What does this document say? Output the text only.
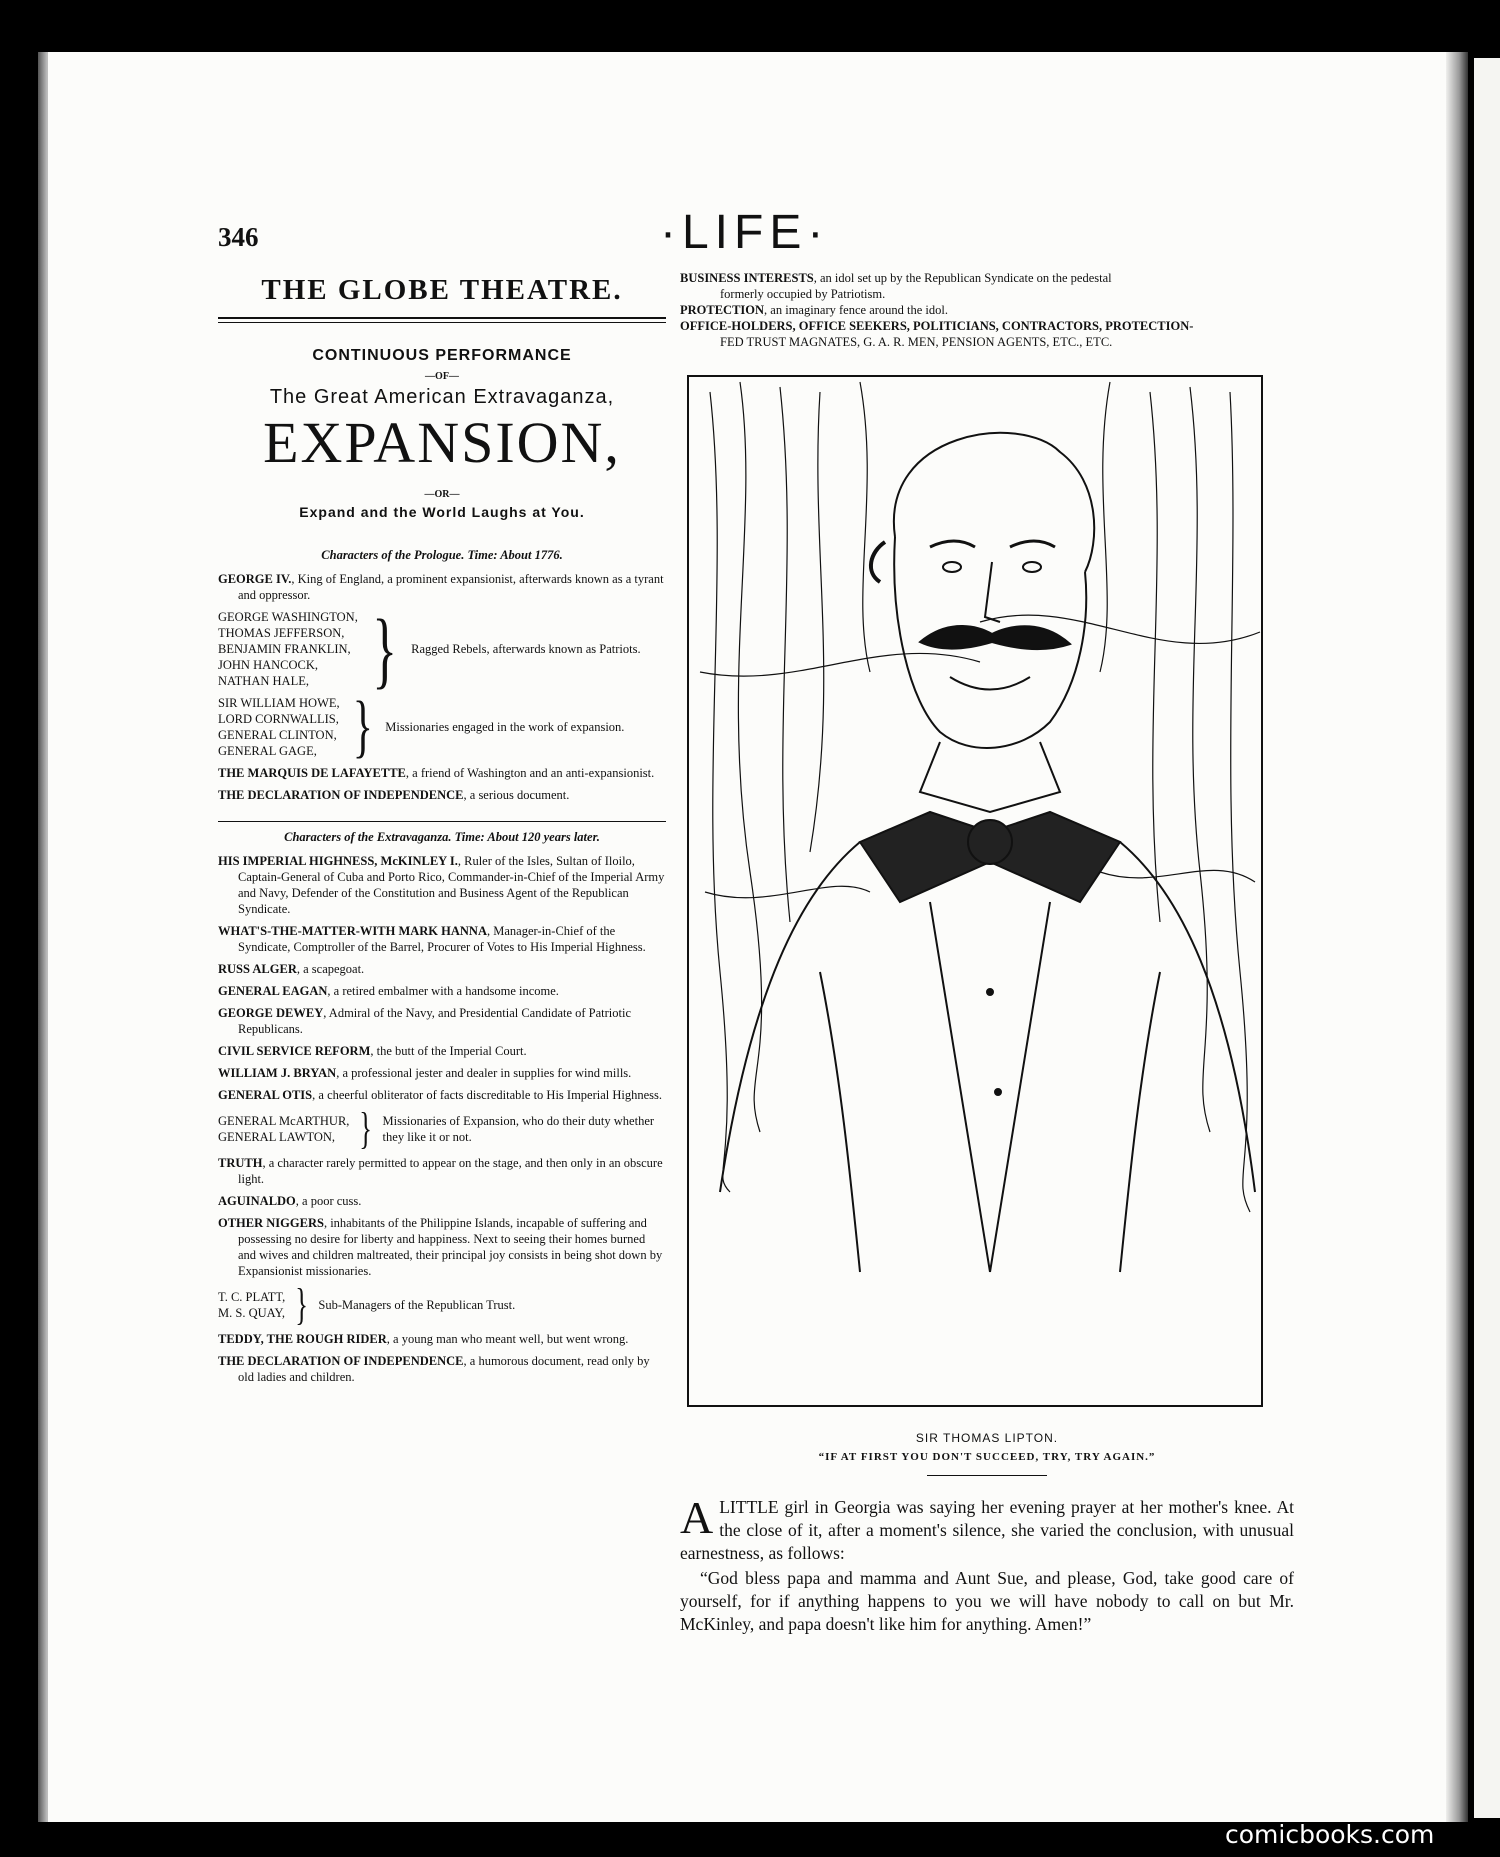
346	·LIFE·
THE GLOBE THEATRE.
CONTINUOUS PERFORMANCE
—OF—
The Great American Extravaganza,
EXPANSION,
—OR—
Expand and the World Laughs at You.
Characters of the Prologue. Time: About 1776.
GEORGE IV., King of England, a prominent expansionist, afterwards known as a tyrant and oppressor.
GEORGE WASHINGTON,
THOMAS JEFFERSON,
BENJAMIN FRANKLIN,
JOHN HANCOCK,
NATHAN HALE, } Ragged Rebels, afterwards known as Patriots.
SIR WILLIAM HOWE,
LORD CORNWALLIS,
GENERAL CLINTON,
GENERAL GAGE, } Missionaries engaged in the work of expansion.
THE MARQUIS DE LAFAYETTE, a friend of Washington and an anti-expansionist.
THE DECLARATION OF INDEPENDENCE, a serious document.
Characters of the Extravaganza. Time: About 120 years later.
HIS IMPERIAL HIGHNESS, McKINLEY I., Ruler of the Isles, Sultan of Iloilo, Captain-General of Cuba and Porto Rico, Commander-in-Chief of the Imperial Army and Navy, Defender of the Constitution and Business Agent of the Republican Syndicate.
WHAT'S-THE-MATTER-WITH MARK HANNA, Manager-in-Chief of the Syndicate, Comptroller of the Barrel, Procurer of Votes to His Imperial Highness.
RUSS ALGER, a scapegoat.
GENERAL EAGAN, a retired embalmer with a handsome income.
GEORGE DEWEY, Admiral of the Navy, and Presidential Candidate of Patriotic Republicans.
CIVIL SERVICE REFORM, the butt of the Imperial Court.
WILLIAM J. BRYAN, a professional jester and dealer in supplies for wind mills.
GENERAL OTIS, a cheerful obliterator of facts discreditable to His Imperial Highness.
GENERAL McARTHUR,
GENERAL LAWTON, } Missionaries of Expansion, who do their duty whether they like it or not.
TRUTH, a character rarely permitted to appear on the stage, and then only in an obscure light.
AGUINALDO, a poor cuss.
OTHER NIGGERS, inhabitants of the Philippine Islands, incapable of suffering and possessing no desire for liberty and happiness. Next to seeing their homes burned and wives and children maltreated, their principal joy consists in being shot down by Expansionist missionaries.
T. C. PLATT,
M. S. QUAY, } Sub-Managers of the Republican Trust.
TEDDY, THE ROUGH RIDER, a young man who meant well, but went wrong.
THE DECLARATION OF INDEPENDENCE, a humorous document, read only by old ladies and children.
BUSINESS INTERESTS, an idol set up by the Republican Syndicate on the pedestal
formerly occupied by Patriotism.
PROTECTION, an imaginary fence around the idol.
OFFICE-HOLDERS, OFFICE SEEKERS, POLITICIANS, CONTRACTORS, PROTECTION-
FED TRUST MAGNATES, G. A. R. MEN, PENSION AGENTS, ETC., ETC.
SIR THOMAS LIPTON.
“IF AT FIRST YOU DON'T SUCCEED, TRY, TRY AGAIN.”
ALITTLE girl in Georgia was saying her evening prayer at her mother's knee. At the close of it, after a moment's silence, she varied the conclusion, with unusual earnestness, as follows:
“God bless papa and mamma and Aunt Sue, and please, God, take good care of yourself, for if anything happens to you we will have nobody to call on but Mr. McKinley, and papa doesn't like him for anything. Amen!”
comicbooks.com
